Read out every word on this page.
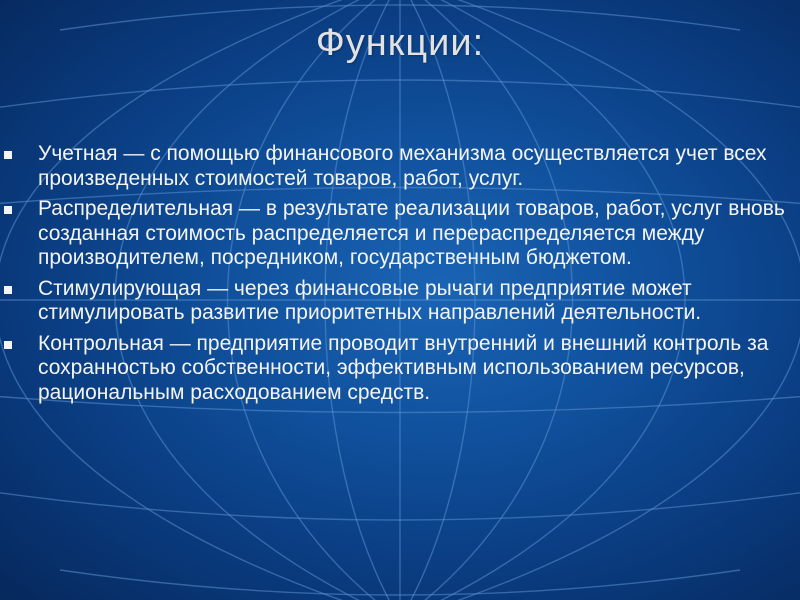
Функции:
Учетная — с помощью финансового механизма осуществляется учет всех произведенных стоимостей товаров, работ, услуг.
Распределительная — в результате реализации товаров, работ, услуг вновь созданная стоимость распределяется и перераспределяется между производителем, посредником, государственным бюджетом.
Стимулирующая — через финансовые рычаги предприятие может стимулировать развитие приоритетных направлений деятельности.
Контрольная — предприятие проводит внутренний и внешний контроль за сохранностью собственности, эффективным использованием ресурсов, рациональным расходованием средств.
